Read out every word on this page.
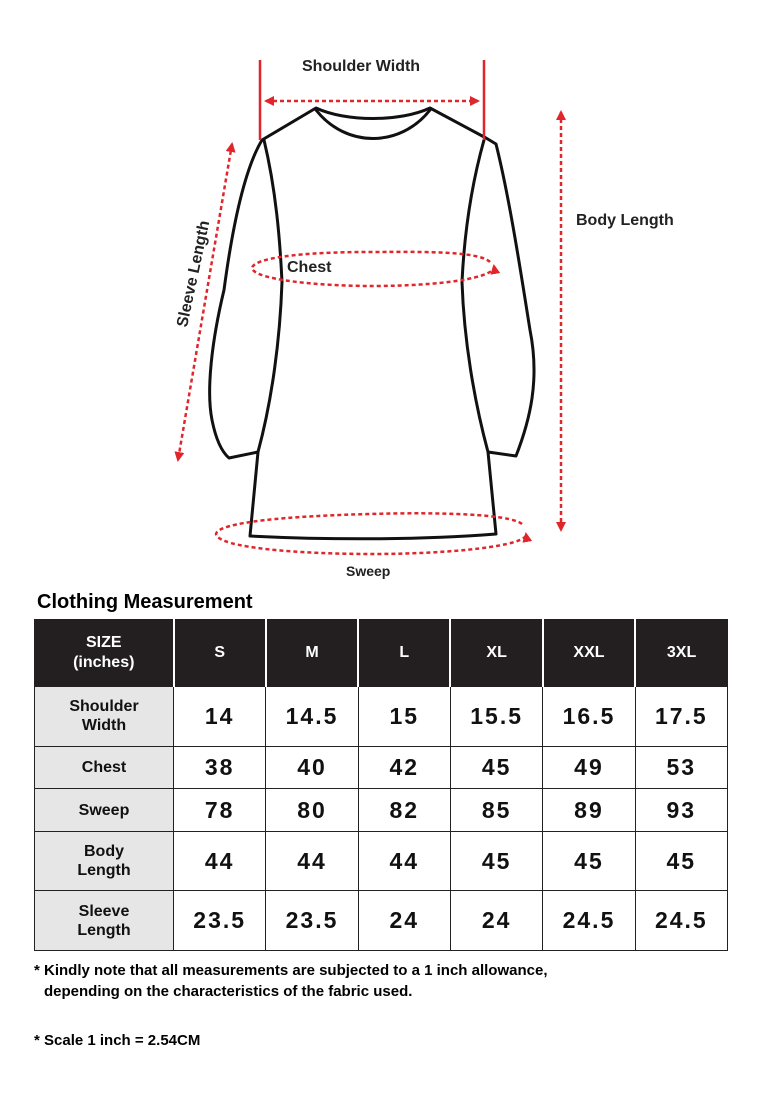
Shoulder Width
Body Length
Chest
Sleeve Length
Sweep
Clothing Measurement
SIZE
(inches)	S	M	L	XL	XXL	3XL
Shoulder
Width	14	14.5	15	15.5	16.5	17.5
Chest	38	40	42	45	49	53
Sweep	78	80	82	85	89	93
Body
Length	44	44	44	45	45	45
Sleeve
Length	23.5	23.5	24	24	24.5	24.5
* Kindly note that all measurements are subjected to a 1 inch allowance,
depending on the characteristics of the fabric used.
* Scale 1 inch = 2.54CM
